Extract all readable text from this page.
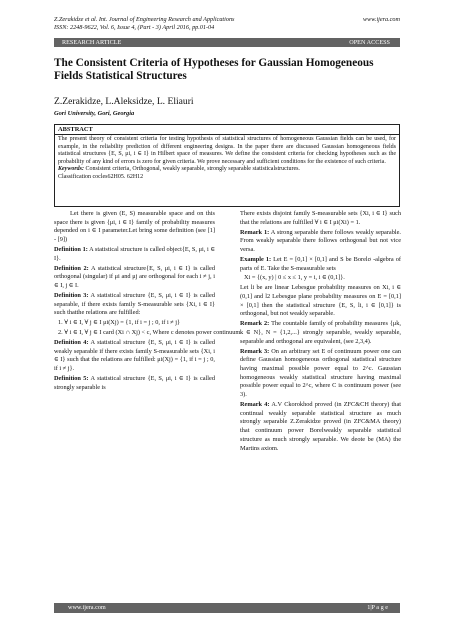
Z.Zerakidze et al. Int. Journal of Engineering Research and Applications	www.ijera.com
ISSN: 2248-9622, Vol. 6, Issue 4, (Part - 3) April 2016, pp.01-04
RESEARCH ARTICLE	OPEN ACCESS
The Consistent Criteria of Hypotheses for Gaussian Homogeneous Fields Statistical Structures
Z.Zerakidze, L.Aleksidze, L. Eliauri
Gori University, Gori, Georgia
ABSTRACT

The present theory of consistent criteria for testing hypothesis of statistical structures of homogeneous Gaussian fields can be used, for example, in the reliability prediction of different engineering designs. In the paper there are discussed Gaussian homogeneous fields statistical structures {E, S, μi, i ∈ I} in Hilbert space of measures. We define the consistent criteria for checking hypotheses such as the probability of any kind of errors is zero for given criteria. We prove necessary and sufficient conditions for the existence of such criteria.

Keywords: Consistent criteria, Orthogonal, weakly separable, strongly separable statisticalstructures.

Classification cocles62H05. 62H12

Let there is given (E, S) measurable space and on this space there is given {μi, i ∈ I} family of probability measures depended on i ∈ I parameter.Let bring some definition (see [1] - [9])

Definition 1: A statistical structure is called object{E, S, μi, i ∈ I}.

Definition 2: A statistical structure{E, S, μi, i ∈ I} is called orthogonal (singular) if μi and μj are orthogonal for each i ≠ j, i ∈ I, j ∈ I.

Definition 3: A statistical structure {E, S, μi, i ∈ I} is called separable, if there exists family S-measurable sets {Xi, i ∈ I} such thatthe relations are fulfilled:

1. ∀ i ∈ I, ∀ j ∈ I μi(Xj) = {1, if i = j ; 0, if i ≠ j}

2. ∀ i ∈ I, ∀ j ∈ I card (Xi ∩ Xj) < c, Where c denotes power continuum.

Definition 4: A statistical structure {E, S, μi, i ∈ I} is called weakly separable if there exists family S-measurable sets {Xi, i ∈ I} such that the relations are fulfilled: μi(Xj) = {1, if i = j ; 0, if i ≠ j}.

Definition 5: A statistical structure {E, S, μi, i ∈ I} is called strongly separable is

There exists disjoint family S-measurable sets {Xi, i ∈ I} such that the relations are fulfilled ∀ i ∈ I μi(Xi) = 1.

Remark 1: A strong separable there follows weakly separable. From weakly separable there follows orthogonal but not vice versa.

Example 1: Let E = [0,1] × [0,1] and S be Borelσ -algebra of parts of E. Take the S-measurable sets

Xi = {(x, y) | 0 ≤ x ≤ 1, y = i, i ∈ (0,1]}.

Let li be are linear Lebesgue probability measures on Xi, i ∈ (0,1] and l2 Lebesgue plane probability measures on E = [0,1] × [0,1] then the statistical structure {E, S, li, i ∈ [0,1]} is orthogonal, but not weakly separable.

Remark 2: The countable family of probability measures {μk, k ∈ N}, N = {1,2,...} strongly separable, weakly separable, separable and orthogonal are equivalent, (see 2,3,4).

Remark 3: On an arbitrary set E of continuum power one can define Gaussian homogeneous orthogonal statistical structure having maximal possible power equal to 2^c. Gaussian homogeneous weakly statistical structure having maximal possible power equal to 2^c, where C is continuum power (see 3).

Remark 4: A.V Ckorokhod proved (in ZFC&CH theory) that continual weakly separable statistical structure as much strongly separable Z.Zerakidze proved (in ZFC&MA theory) that continuum power Borelweakly separable statistical structure as much strongly separable. We deote be (MA) the Martins axiom.

www.ijera.com	1|P a g e
